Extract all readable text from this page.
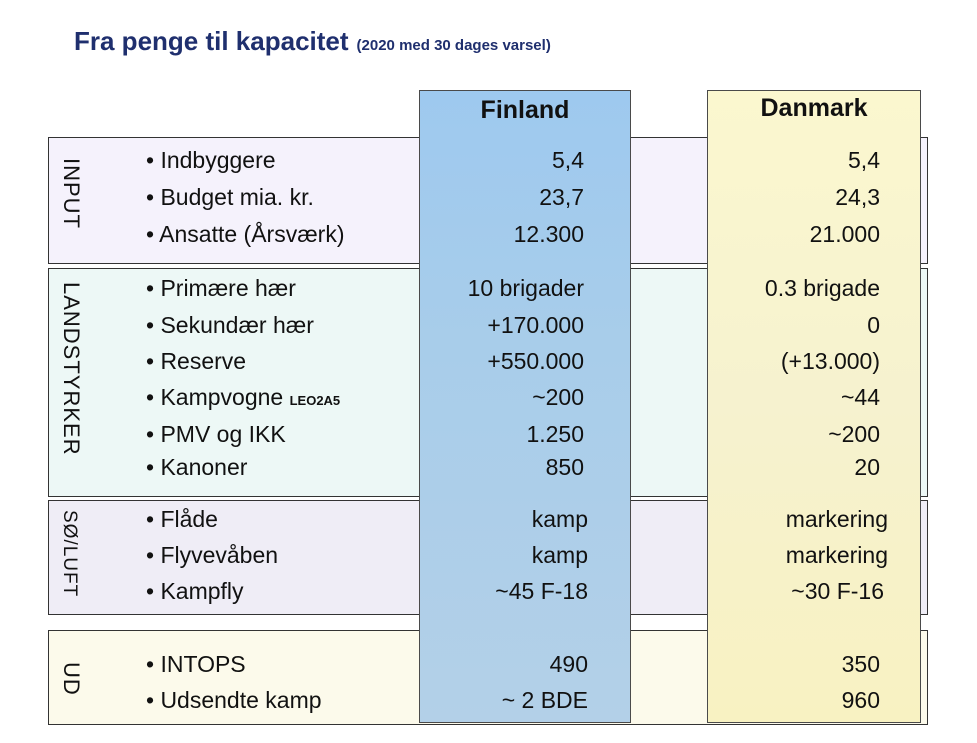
Fra penge til kapacitet (2020 med 30 dages varsel)
Finland	Danmark
INPUT
LANDSTYRKER
SØ/LUFT
UD
• Indbyggere	5,4	5,4
• Budget mia. kr.	23,7	24,3
• Ansatte (Årsværk)	12.300	21.000
• Primære hær	10 brigader	0.3 brigade
• Sekundær hær	+170.000	0
• Reserve	+550.000	(+13.000)
• Kampvogne LEO2A5	~200	~44
• PMV og IKK	1.250	~200
• Kanoner	850	20
• Flåde	kamp	markering
• Flyvevåben	kamp	markering
• Kampfly	~45 F-18	~30 F-16
• INTOPS	490	350
• Udsendte kamp	~ 2 BDE	960
